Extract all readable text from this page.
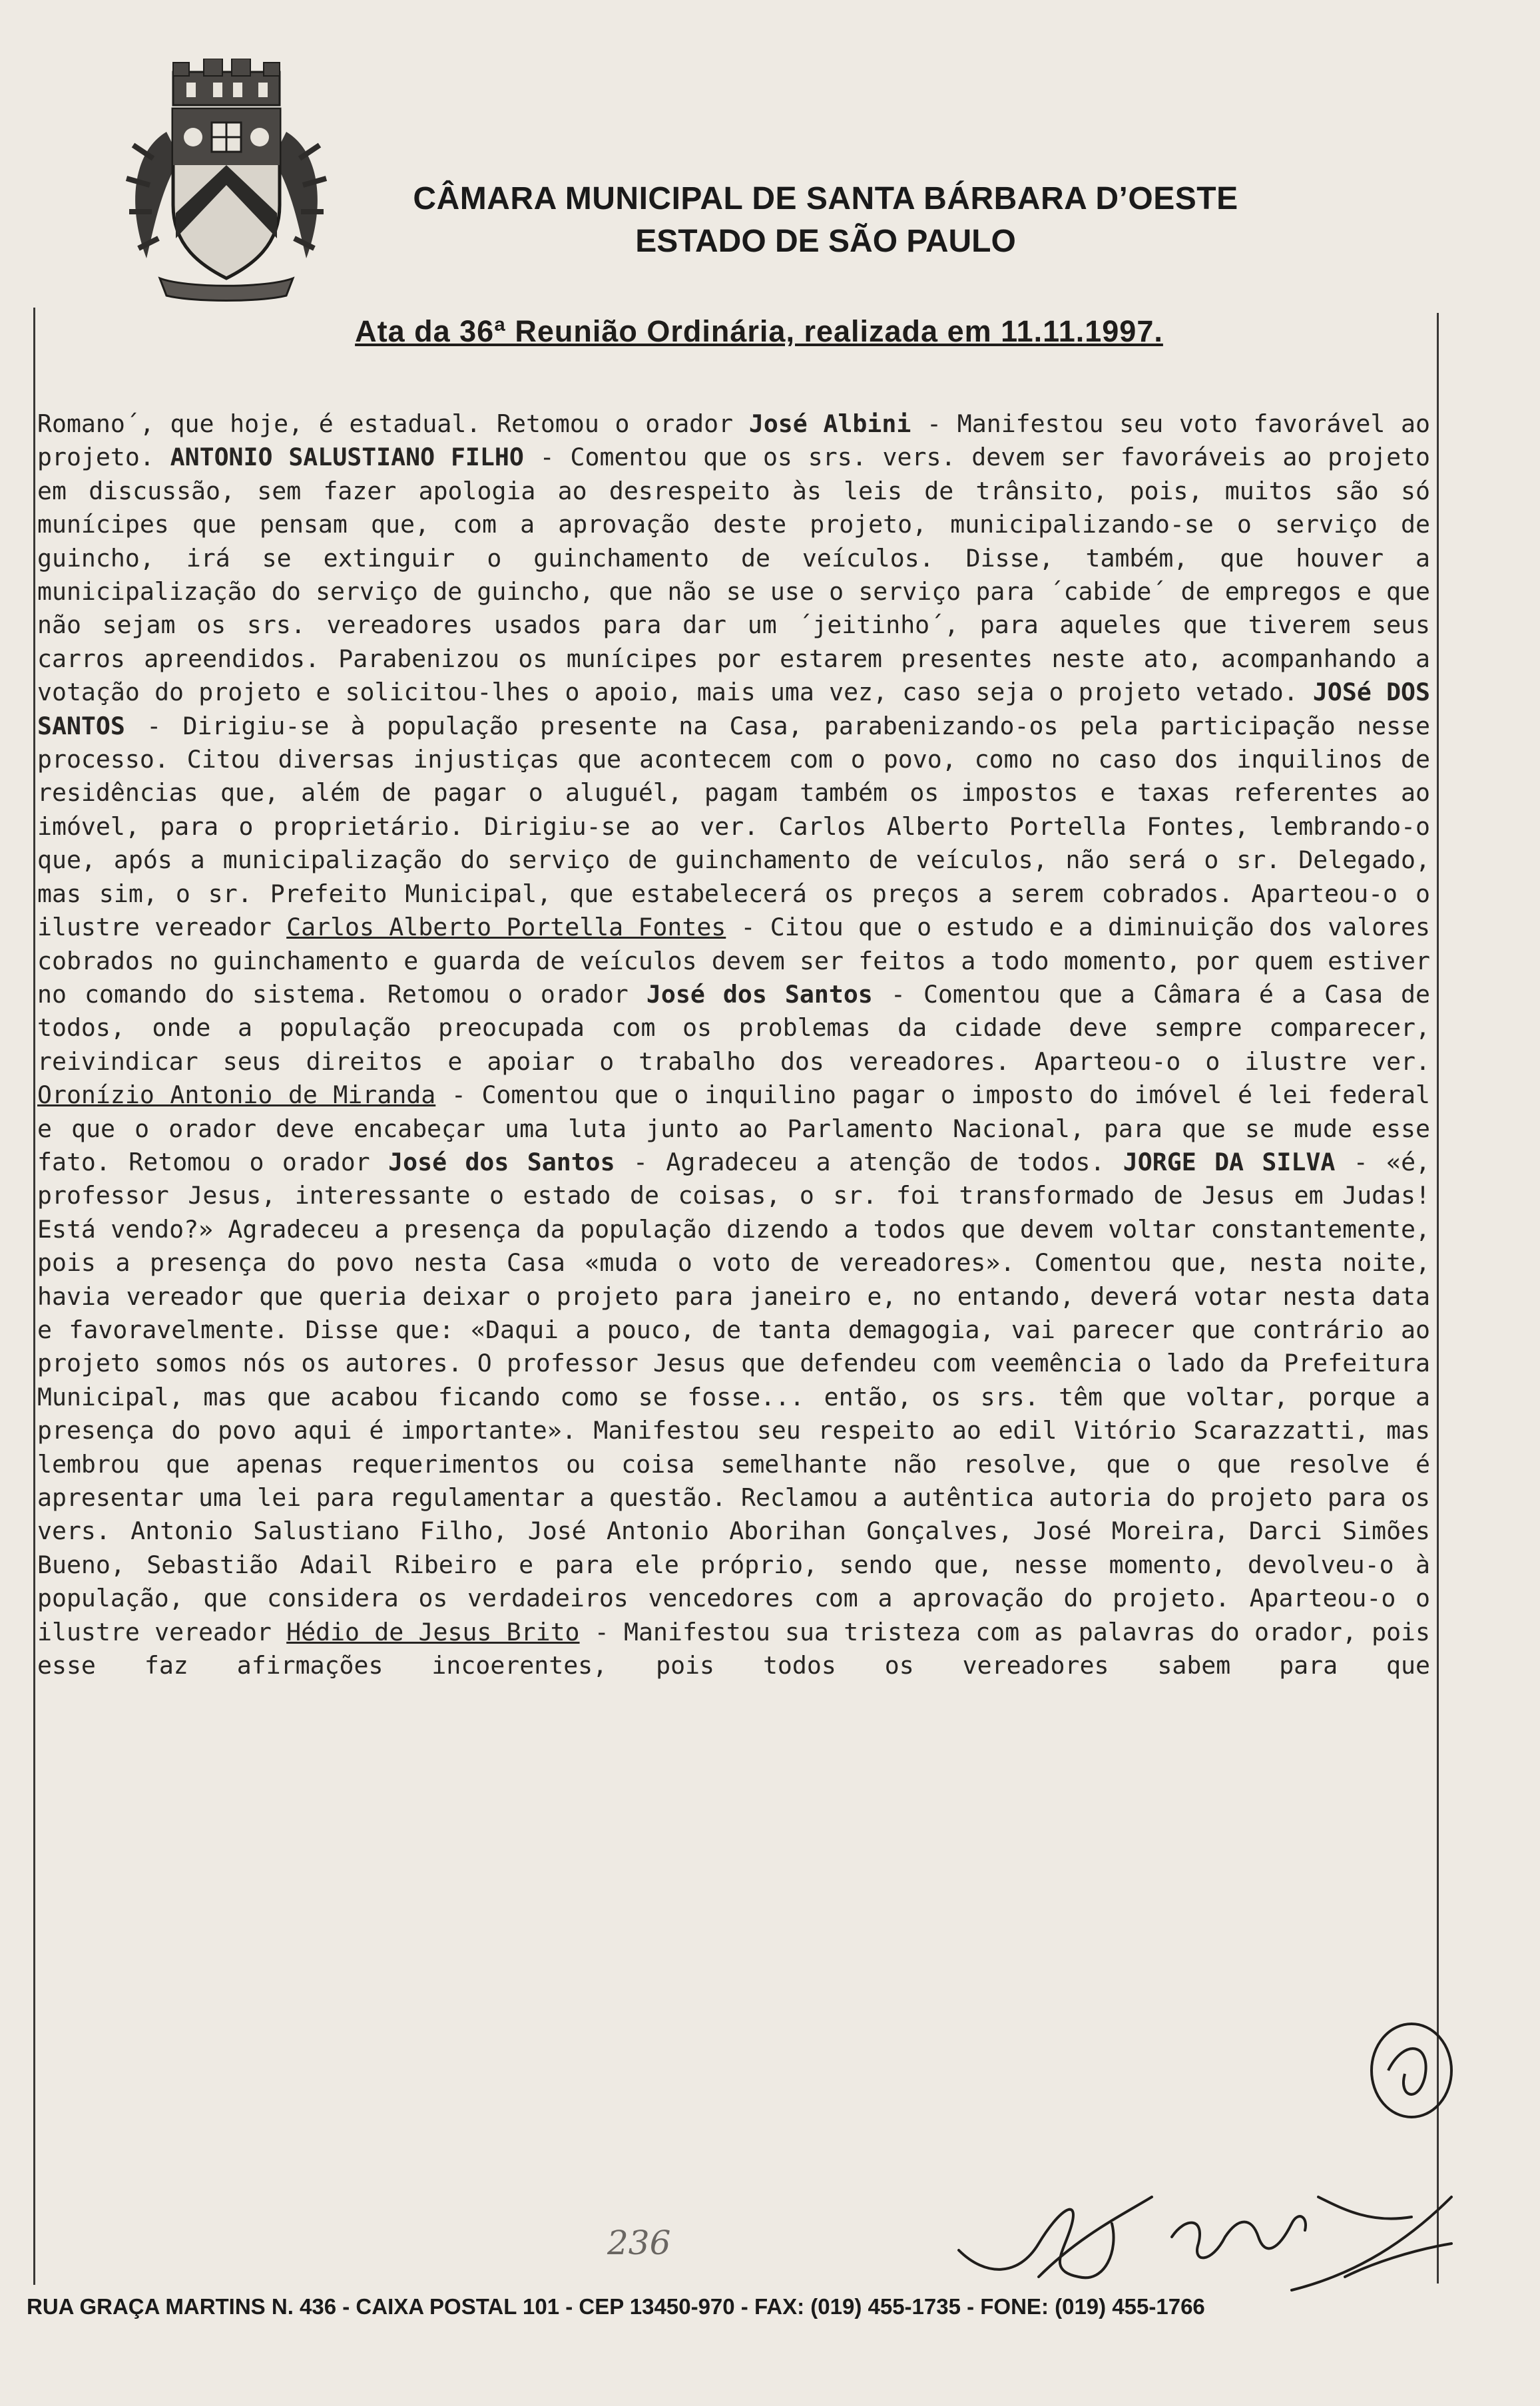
CÂMARA MUNICIPAL DE SANTA BÁRBARA D’OESTE
ESTADO DE SÃO PAULO
Ata da 36ª Reunião Ordinária, realizada em 11.11.1997.
Romano´, que hoje, é estadual. Retomou o orador José Albini - Manifestou seu voto favorável ao projeto. ANTONIO SALUSTIANO FILHO - Comentou que os srs. vers. devem ser favoráveis ao projeto em discussão, sem fazer apologia ao desrespeito às leis de trânsito, pois, muitos são só munícipes que pensam que, com a aprovação deste projeto, municipalizando-se o serviço de guincho, irá se extinguir o guinchamento de veículos. Disse, também, que houver a municipalização do serviço de guincho, que não se use o serviço para ´cabide´ de empregos e que não sejam os srs. vereadores usados para dar um ´jeitinho´, para aqueles que tiverem seus carros apreendidos. Parabenizou os munícipes por estarem presentes neste ato, acompanhando a votação do projeto e solicitou-lhes o apoio, mais uma vez, caso seja o projeto vetado. JOSé DOS SANTOS - Dirigiu-se à população presente na Casa, parabenizando-os pela participação nesse processo. Citou diversas injustiças que acontecem com o povo, como no caso dos inquilinos de residências que, além de pagar o aluguél, pagam também os impostos e taxas referentes ao imóvel, para o proprietário. Dirigiu-se ao ver. Carlos Alberto Portella Fontes, lembrando-o que, após a municipalização do serviço de guinchamento de veículos, não será o sr. Delegado, mas sim, o sr. Prefeito Municipal, que estabelecerá os preços a serem cobrados. Aparteou-o o ilustre vereador Carlos Alberto Portella Fontes - Citou que o estudo e a diminuição dos valores cobrados no guinchamento e guarda de veículos devem ser feitos a todo momento, por quem estiver no comando do sistema. Retomou o orador José dos Santos - Comentou que a Câmara é a Casa de todos, onde a população preocupada com os problemas da cidade deve sempre comparecer, reivindicar seus direitos e apoiar o trabalho dos vereadores. Aparteou-o o ilustre ver. Oronízio Antonio de Miranda - Comentou que o inquilino pagar o imposto do imóvel é lei federal e que o orador deve encabeçar uma luta junto ao Parlamento Nacional, para que se mude esse fato. Retomou o orador José dos Santos - Agradeceu a atenção de todos. JORGE DA SILVA - «é, professor Jesus, interessante o estado de coisas, o sr. foi transformado de Jesus em Judas! Está vendo?» Agradeceu a presença da população dizendo a todos que devem voltar constantemente, pois a presença do povo nesta Casa «muda o voto de vereadores». Comentou que, nesta noite, havia vereador que queria deixar o projeto para janeiro e, no entando, deverá votar nesta data e favoravelmente. Disse que: «Daqui a pouco, de tanta demagogia, vai parecer que contrário ao projeto somos nós os autores. O professor Jesus que defendeu com veemência o lado da Prefeitura Municipal, mas que acabou ficando como se fosse... então, os srs. têm que voltar, porque a presença do povo aqui é importante». Manifestou seu respeito ao edil Vitório Scarazzatti, mas lembrou que apenas requerimentos ou coisa semelhante não resolve, que o que resolve é apresentar uma lei para regulamentar a questão. Reclamou a autêntica autoria do projeto para os vers. Antonio Salustiano Filho, José Antonio Aborihan Gonçalves, José Moreira, Darci Simões Bueno, Sebastião Adail Ribeiro e para ele próprio, sendo que, nesse momento, devolveu-o à população, que considera os verdadeiros vencedores com a aprovação do projeto. Aparteou-o o ilustre vereador Hédio de Jesus Brito - Manifestou sua tristeza com as palavras do orador, pois esse faz afirmações incoerentes, pois todos os vereadores sabem para que
236
RUA GRAÇA MARTINS N. 436 - CAIXA POSTAL 101 - CEP 13450-970 - FAX: (019) 455-1735 - FONE: (019) 455-1766
